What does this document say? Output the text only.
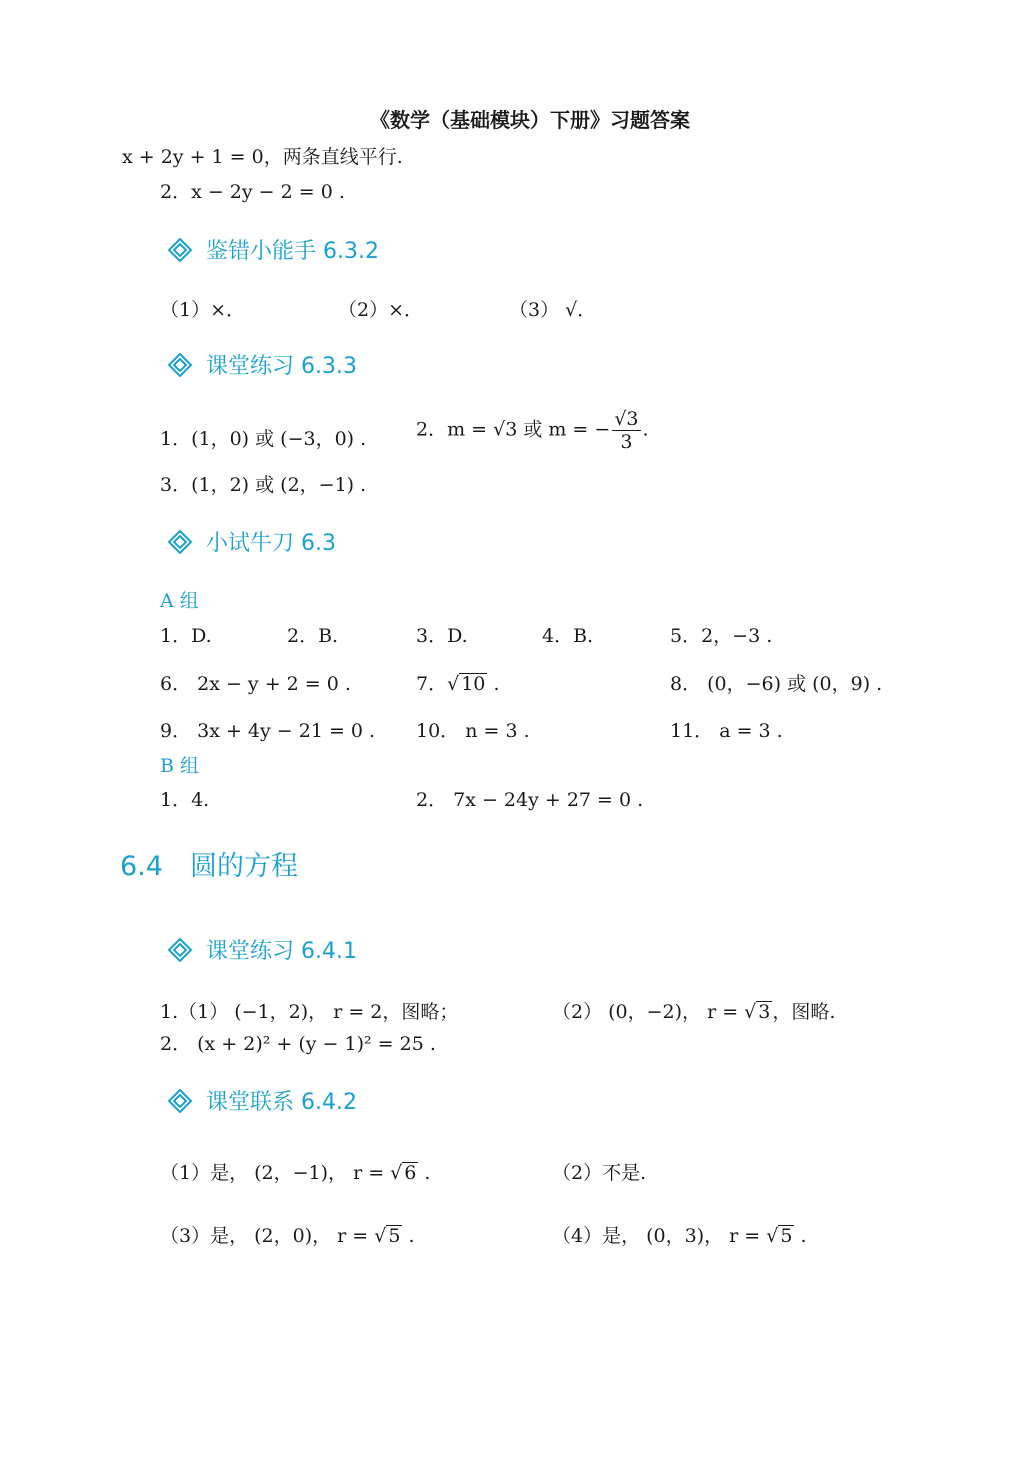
《数学（基础模块）下册》习题答案
x + 2y + 1 = 0，两条直线平行.
2．x − 2y − 2 = 0 .
鉴错小能手 6.3.2
（1）×．	（2）×．	（3） √．
课堂练习 6.3.3
1．(1，0) 或 (−3，0) .	2．m = √3 或 m = − $\frac{√3}{3}$ .
3．(1，2) 或 (2，−1) .
小试牛刀 6.3
A 组
1．D.	2．B.	3．D.	4．B.	5．2，−3 .
6． 2x − y + 2 = 0 .	7．√ 10 .	8． (0，−6) 或 (0，9) .
9． 3x + 4y − 21 = 0 . 10． n = 3 .	11． a = 3 .
B 组
1．4.	2． 7x − 24y + 27 = 0 .
6.4　圆的方程
课堂练习 6.4.1
1.（1） (−1，2)， r = 2，图略；	（2） (0，−2)， r = √ 3 ，图略.
2． (x + 2)² + (y − 1)² = 25 .
课堂联系 6.4.2
（1）是， (2，−1)， r = √ 6 .	（2）不是.
（3）是， (2，0)， r = √ 5 .	（4）是， (0，3)， r = √ 5 .
